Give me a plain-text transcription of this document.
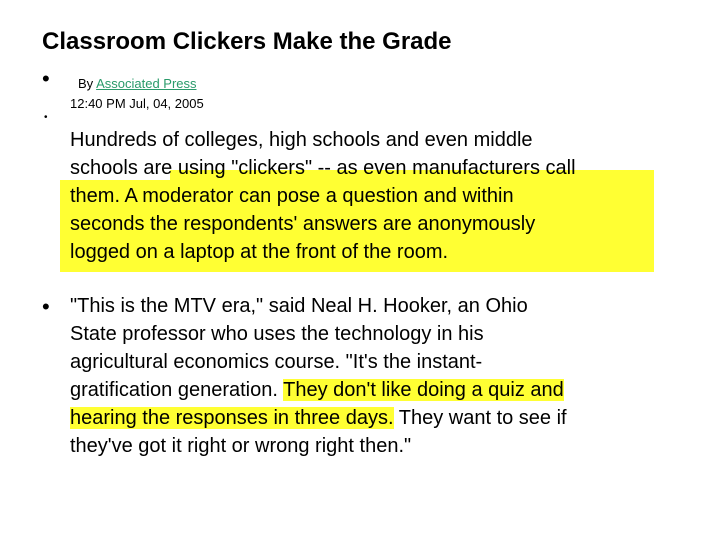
Classroom Clickers Make the Grade
• By Associated Press
12:40 PM Jul, 04, 2005
•
Hundreds of colleges, high schools and even middle
schools are using "clickers" -- as even manufacturers call
them. A moderator can pose a question and within
seconds the respondents' answers are anonymously
logged on a laptop at the front of the room.
• "This is the MTV era," said Neal H. Hooker, an Ohio
State professor who uses the technology in his
agricultural economics course. "It's the instant-
gratification generation. They don't like doing a quiz and
hearing the responses in three days. They want to see if
they've got it right or wrong right then."
